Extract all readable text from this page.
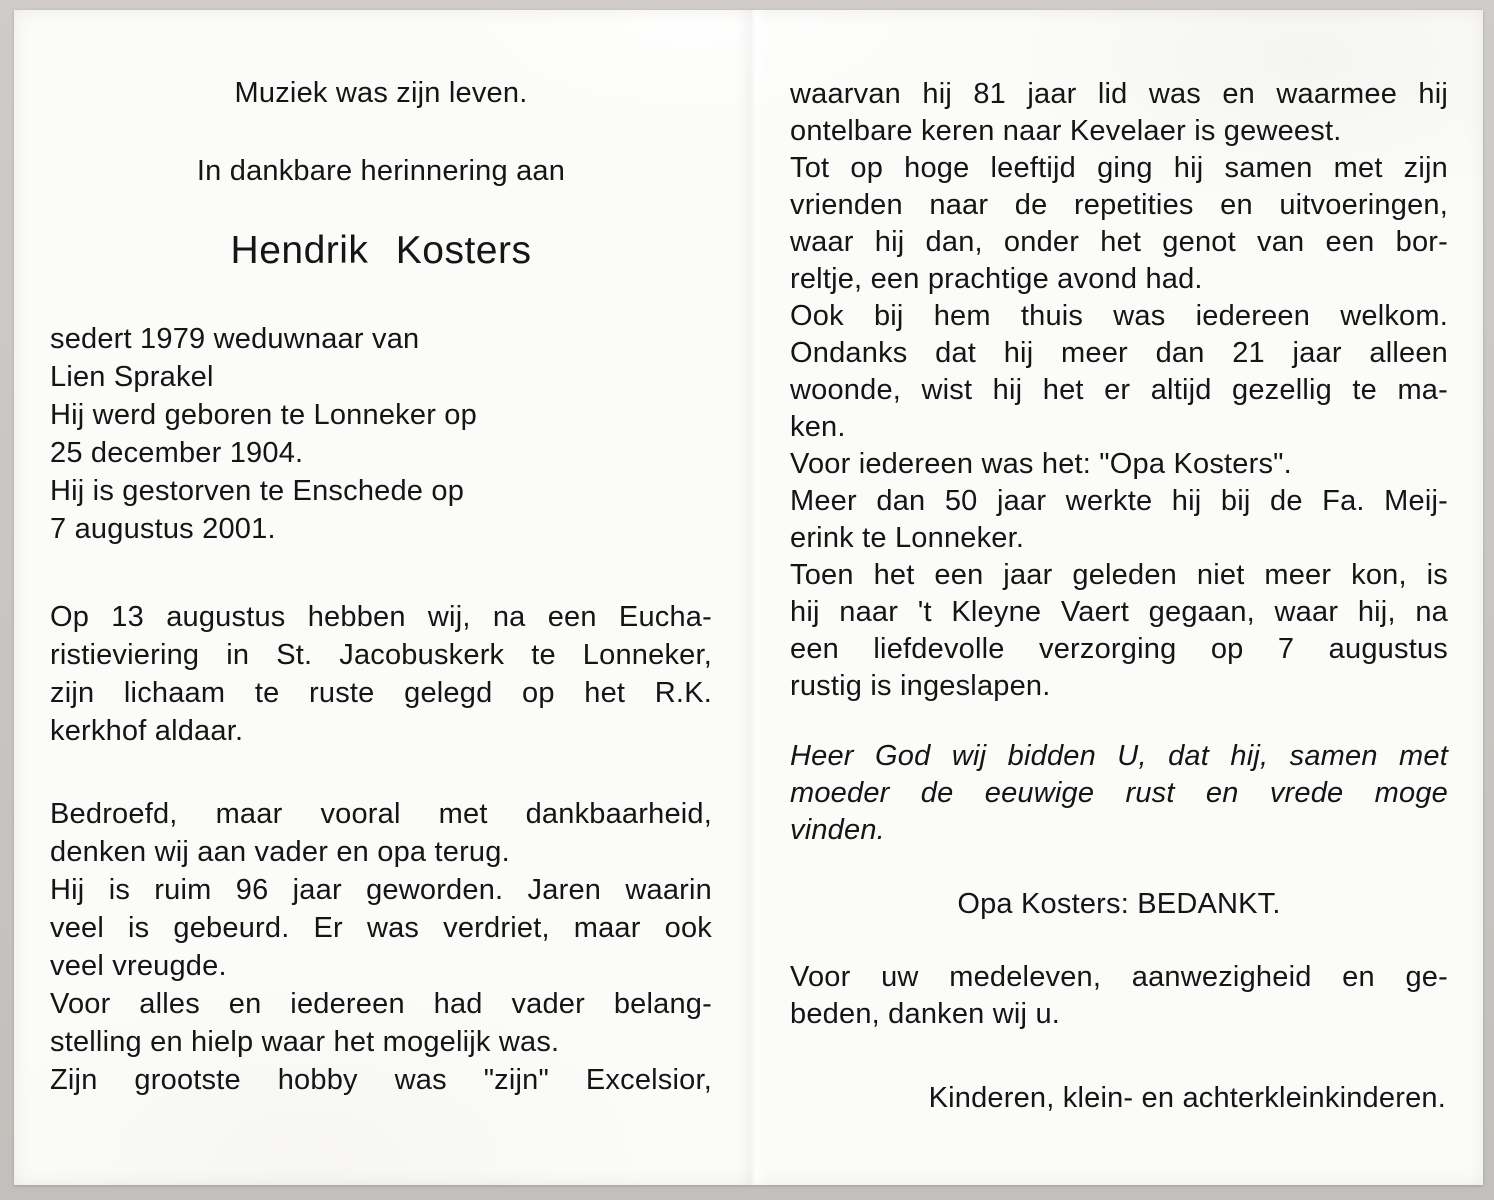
Muziek was zijn leven.
In dankbare herinnering aan
Hendrik Kosters
sedert 1979 weduwnaar van
Lien Sprakel
Hij werd geboren te Lonneker op
25 december 1904.
Hij is gestorven te Enschede op
7 augustus 2001.
Op 13 augustus hebben wij, na een Eucha-
ristieviering in St. Jacobuskerk te Lonneker,
zijn lichaam te ruste gelegd op het R.K.
kerkhof aldaar.
Bedroefd, maar vooral met dankbaarheid,
denken wij aan vader en opa terug.
Hij is ruim 96 jaar geworden. Jaren waarin
veel is gebeurd. Er was verdriet, maar ook
veel vreugde.
Voor alles en iedereen had vader belang-
stelling en hielp waar het mogelijk was.
Zijn grootste hobby was "zijn" Excelsior,
waarvan hij 81 jaar lid was en waarmee hij
ontelbare keren naar Kevelaer is geweest.
Tot op hoge leeftijd ging hij samen met zijn
vrienden naar de repetities en uitvoeringen,
waar hij dan, onder het genot van een bor-
reltje, een prachtige avond had.
Ook bij hem thuis was iedereen welkom.
Ondanks dat hij meer dan 21 jaar alleen
woonde, wist hij het er altijd gezellig te ma-
ken.
Voor iedereen was het: "Opa Kosters".
Meer dan 50 jaar werkte hij bij de Fa. Meij-
erink te Lonneker.
Toen het een jaar geleden niet meer kon, is
hij naar 't Kleyne Vaert gegaan, waar hij, na
een liefdevolle verzorging op 7 augustus
rustig is ingeslapen.
Heer God wij bidden U, dat hij, samen met
moeder de eeuwige rust en vrede moge
vinden.
Opa Kosters: BEDANKT.
Voor uw medeleven, aanwezigheid en ge-
beden, danken wij u.
Kinderen, klein- en achterkleinkinderen.
